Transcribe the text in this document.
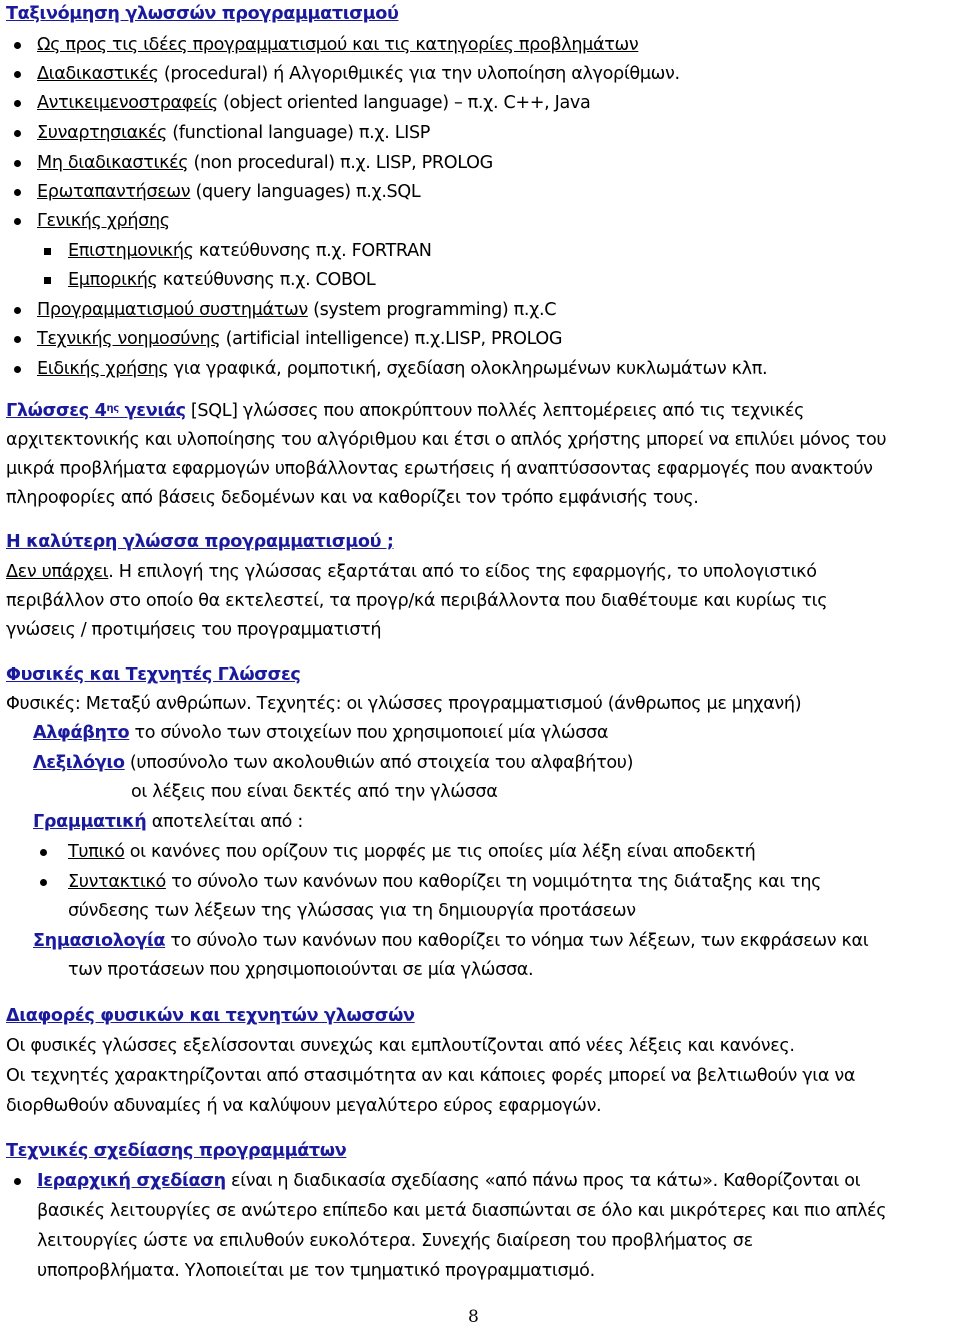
Ταξινόμηση γλωσσών προγραμματισμού
Ως προς τις ιδέες προγραμματισμού και τις κατηγορίες προβλημάτων
Διαδικαστικές (procedural) ή Αλγοριθμικές για την υλοποίηση αλγορίθμων.
Αντικειμενοστραφείς (object oriented language) – π.χ. C++, Java
Συναρτησιακές (functional language) π.χ. LISP
Μη διαδικαστικές (non procedural) π.χ. LISP, PROLOG
Ερωταπαντήσεων (query languages) π.χ.SQL
Γενικής χρήσης
Επιστημονικής κατεύθυνσης π.χ. FORTRAN
Εμπορικής κατεύθυνσης π.χ. COBOL
Προγραμματισμού συστημάτων (system programming) π.χ.C
Τεχνικής νοημοσύνης (artificial intelligence) π.χ.LISP, PROLOG
Ειδικής χρήσης για γραφικά, ρομποτική, σχεδίαση ολοκληρωμένων κυκλωμάτων κλπ.
Γλώσσες $4^{\eta\varsigma}$ γενιάς [SQL] γλώσσες που αποκρύπτουν πολλές λεπτομέρειες από τις τεχνικές
αρχιτεκτονικής και υλοποίησης του αλγόριθμου και έτσι ο απλός χρήστης μπορεί να επιλύει μόνος του
μικρά προβλήματα εφαρμογών υποβάλλοντας ερωτήσεις ή αναπτύσσοντας εφαρμογές που ανακτούν
πληροφορίες από βάσεις δεδομένων και να καθορίζει τον τρόπο εμφάνισής τους.
Η καλύτερη γλώσσα προγραμματισμού ;
Δεν υπάρχει. Η επιλογή της γλώσσας εξαρτάται από το είδος της εφαρμογής, το υπολογιστικό
περιβάλλον στο οποίο θα εκτελεστεί, τα προγρ/κά περιβάλλοντα που διαθέτουμε και κυρίως τις
γνώσεις / προτιμήσεις του προγραμματιστή
Φυσικές και Τεχνητές Γλώσσες
Φυσικές: Μεταξύ ανθρώπων. Τεχνητές: οι γλώσσες προγραμματισμού (άνθρωπος με μηχανή)
Αλφάβητο το σύνολο των στοιχείων που χρησιμοποιεί μία γλώσσα
Λεξιλόγιο (υποσύνολο των ακολουθιών από στοιχεία του αλφαβήτου)
οι λέξεις που είναι δεκτές από την γλώσσα
Γραμματική αποτελείται από :
Τυπικό οι κανόνες που ορίζουν τις μορφές με τις οποίες μία λέξη είναι αποδεκτή
Συντακτικό το σύνολο των κανόνων που καθορίζει τη νομιμότητα της διάταξης και της
σύνδεσης των λέξεων της γλώσσας για τη δημιουργία προτάσεων
Σημασιολογία το σύνολο των κανόνων που καθορίζει το νόημα των λέξεων, των εκφράσεων και
των προτάσεων που χρησιμοποιούνται σε μία γλώσσα.
Διαφορές φυσικών και τεχνητών γλωσσών
Οι φυσικές γλώσσες εξελίσσονται συνεχώς και εμπλουτίζονται από νέες λέξεις και κανόνες.
Οι τεχνητές χαρακτηρίζονται από στασιμότητα αν και κάποιες φορές μπορεί να βελτιωθούν για να
διορθωθούν αδυναμίες ή να καλύψουν μεγαλύτερο εύρος εφαρμογών.
Τεχνικές σχεδίασης προγραμμάτων
Ιεραρχική σχεδίαση είναι η διαδικασία σχεδίασης «από πάνω προς τα κάτω». Καθορίζονται οι
βασικές λειτουργίες σε ανώτερο επίπεδο και μετά διασπώνται σε όλο και μικρότερες και πιο απλές
λειτουργίες ώστε να επιλυθούν ευκολότερα. Συνεχής διαίρεση του προβλήματος σε
υποπροβλήματα. Υλοποιείται με τον τμηματικό προγραμματισμό.
8
